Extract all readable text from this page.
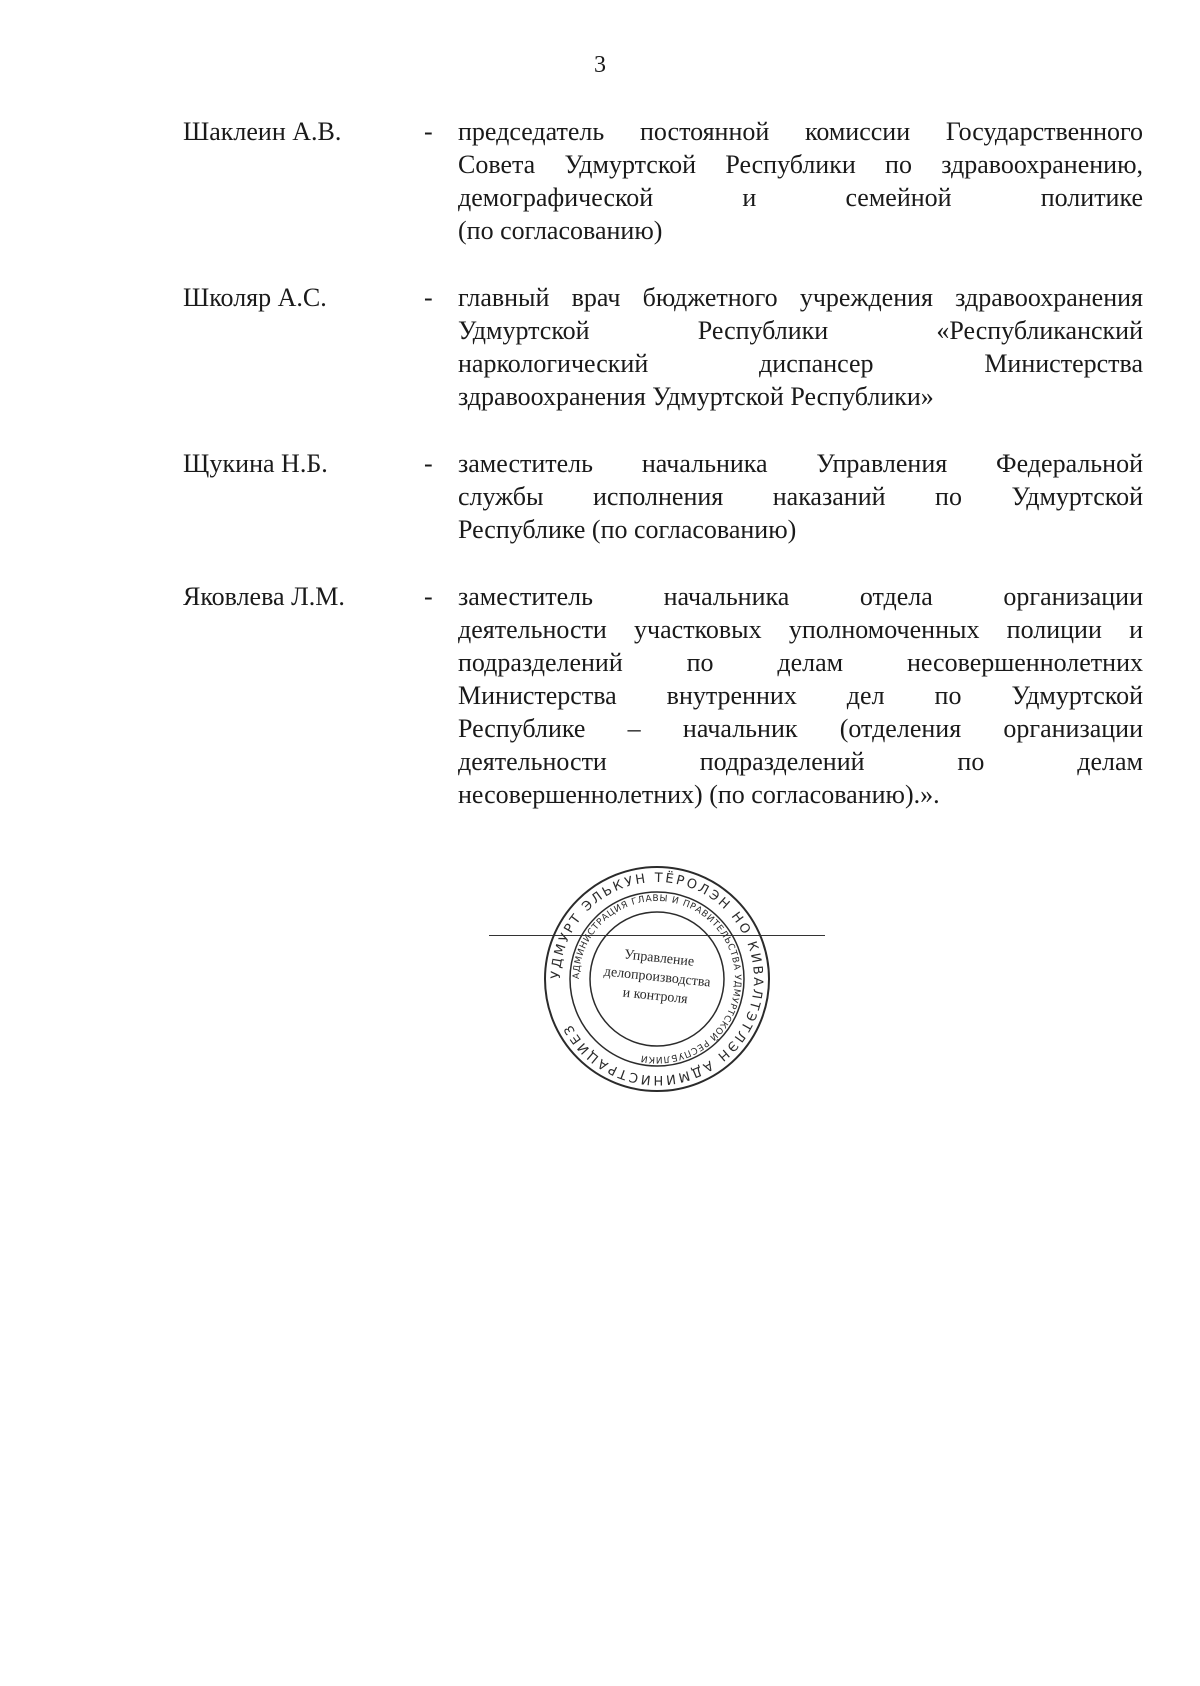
3
Шаклеин А.В.	- председатель постоянной комиссии Государственного
Совета Удмуртской Республики по здравоохранению,
демографической и семейной политике
(по согласованию)
Школяр А.С.	- главный врач бюджетного учреждения здравоохранения
Удмуртской Республики «Республиканский
наркологический диспансер Министерства
здравоохранения Удмуртской Республики»
Щукина Н.Б.	- заместитель начальника Управления Федеральной
службы исполнения наказаний по Удмуртской
Республике (по согласованию)
Яковлева Л.М.	- заместитель начальника отдела организации
деятельности участковых уполномоченных полиции и
подразделений по делам несовершеннолетних
Министерства внутренних дел по Удмуртской
Республике – начальник (отделения организации
деятельности подразделений по делам
несовершеннолетних) (по согласованию).».
УДМУРТ ЭЛЬКУН ТЁРОЛЭН НО КИВАЛТЭТЛЭН АДМИНИСТРАЦИЕЗ
АДМИНИСТРАЦИЯ ГЛАВЫ И ПРАВИТЕЛЬСТВА УДМУРТСКОЙ РЕСПУБЛИКИ
Управление
делопроизводства
и контроля
